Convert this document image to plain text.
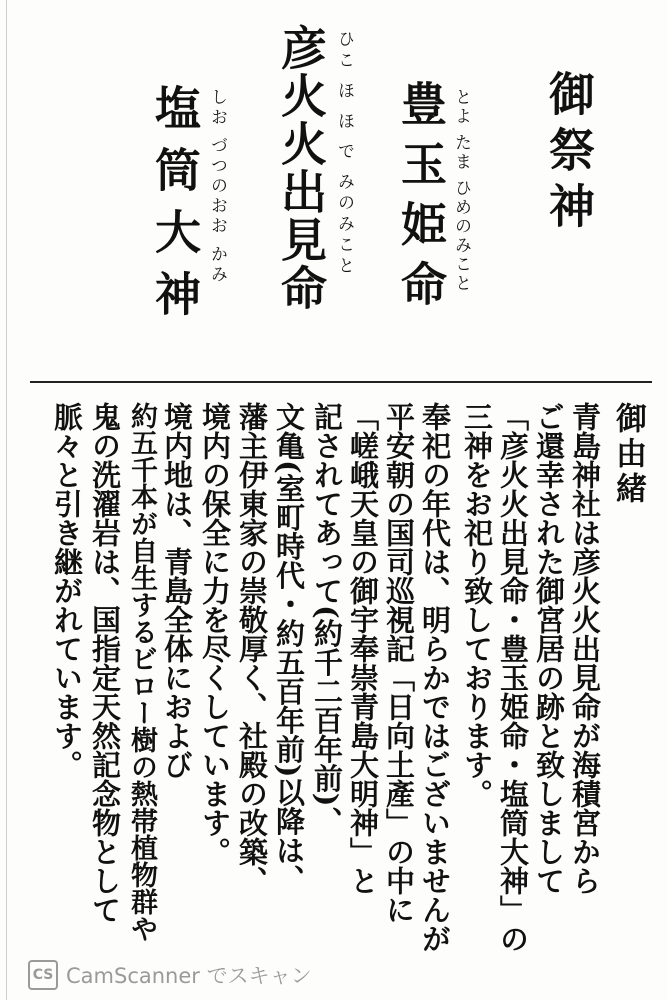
御祭神
豊玉姫命 とよ たま ひめのみこと
彦火火出見命 ひこ ほ ほ で みのみこと
塩筒大神 しお づつのおお かみ
御由緒
青島神社は彦火火出見命が海積宮から
ご還幸された御宮居の跡と致しまして
「彦火火出見命・豊玉姫命・塩筒大神」の
三神をお祀り致しております。
奉祀の年代は、明らかではございませんが
平安朝の国司巡視記「日向土產」の中に
「嵯峨天皇の御宇奉崇青島大明神」と
記されてあって(約千二百年前)、
文亀(室町時代・約五百年前)以降は、
藩主伊東家の崇敬厚く、社殿の改築、
境内の保全に力を尽くしています。
境内地は、青島全体におよび
約五千本が自生するビロー樹の熱帯植物群や
鬼の洗濯岩は、国指定天然記念物として
脈々と引き継がれています。
CS CamScanner でスキャン
